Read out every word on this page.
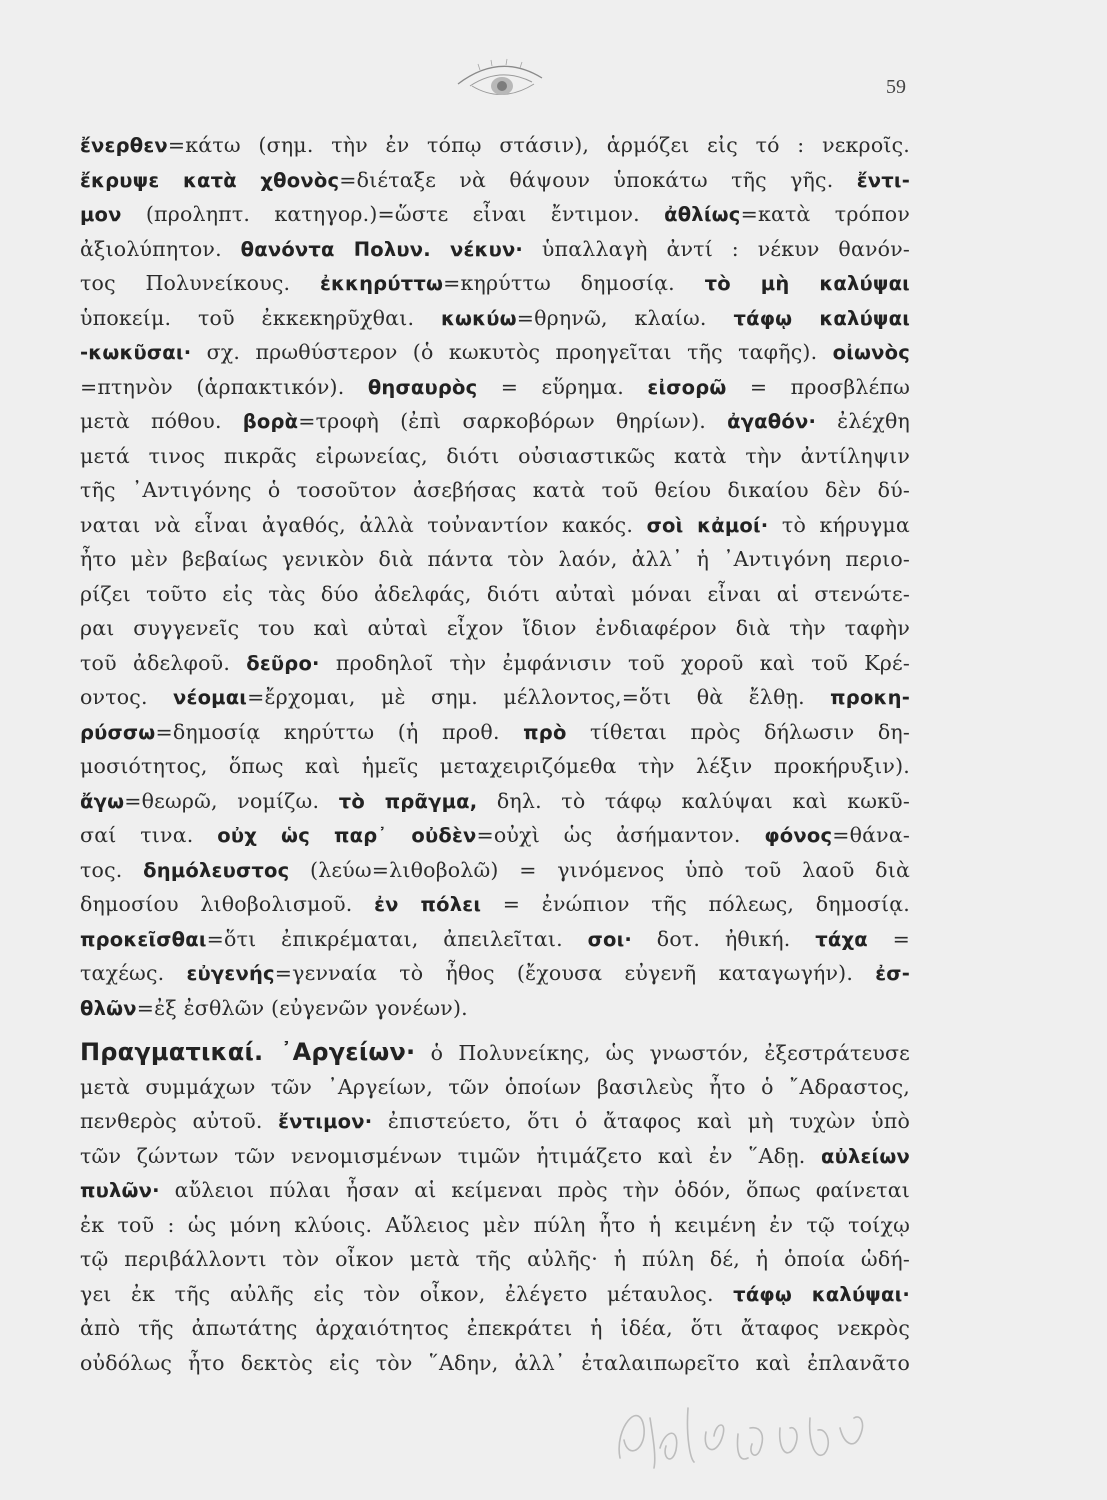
59
ἔνερθεν=κάτω (σημ. τὴν ἐν τόπῳ στάσιν), ἁρμόζει εἰς τό : νεκροῖς.
ἔκρυψε κατὰ χθονὸς=διέταξε νὰ θάψουν ὑποκάτω τῆς γῆς. ἔντι-
μον (προληπτ. κατηγορ.)=ὥστε εἶναι ἔντιμον. ἀθλίως=κατὰ τρόπον
ἀξιολύπητον. θανόντα Πολυν. νέκυν· ὑπαλλαγὴ ἀντί : νέκυν θανόν-
τος Πολυνείκους. ἐκκηρύττω=κηρύττω δημοσίᾳ. τὸ μὴ καλύψαι
ὑποκείμ. τοῦ ἐκκεκηρῦχθαι. κωκύω=θρηνῶ, κλαίω. τάφῳ καλύψαι
-κωκῦσαι· σχ. πρωθύστερον (ὁ κωκυτὸς προηγεῖται τῆς ταφῆς). οἰωνὸς
=πτηνὸν (ἁρπακτικόν). θησαυρὸς = εὕρημα. εἰσορῶ = προσβλέπω
μετὰ πόθου. βορὰ=τροφὴ (ἐπὶ σαρκοβόρων θηρίων). ἀγαθόν· ἐλέχθη
μετά τινος πικρᾶς εἰρωνείας, διότι οὐσιαστικῶς κατὰ τὴν ἀντίληψιν
τῆς ᾿Αντιγόνης ὁ τοσοῦτον ἀσεβήσας κατὰ τοῦ θείου δικαίου δὲν δύ-
ναται νὰ εἶναι ἀγαθός, ἀλλὰ τοὐναντίον κακός. σοὶ κἀμοί· τὸ κήρυγμα
ἦτο μὲν βεβαίως γενικὸν διὰ πάντα τὸν λαόν, ἀλλ᾿ ἡ ᾿Αντιγόνη περιο-
ρίζει τοῦτο εἰς τὰς δύο ἀδελφάς, διότι αὐταὶ μόναι εἶναι αἱ στενώτε-
ραι συγγενεῖς του καὶ αὐταὶ εἶχον ἴδιον ἐνδιαφέρον διὰ τὴν ταφὴν
τοῦ ἀδελφοῦ. δεῦρο· προδηλοῖ τὴν ἐμφάνισιν τοῦ χοροῦ καὶ τοῦ Κρέ-
οντος. νέομαι=ἔρχομαι, μὲ σημ. μέλλοντος,=ὅτι θὰ ἔλθῃ. προκη-
ρύσσω=δημοσίᾳ κηρύττω (ἡ προθ. πρὸ τίθεται πρὸς δήλωσιν δη-
μοσιότητος, ὅπως καὶ ἡμεῖς μεταχειριζόμεθα τὴν λέξιν προκήρυξιν).
ἄγω=θεωρῶ, νομίζω. τὸ πρᾶγμα, δηλ. τὸ τάφῳ καλύψαι καὶ κωκῦ-
σαί τινα. οὐχ ὡς παρ᾿ οὐδὲν=οὐχὶ ὡς ἀσήμαντον. φόνος=θάνα-
τος. δημόλευστος (λεύω=λιθοβολῶ) = γινόμενος ὑπὸ τοῦ λαοῦ διὰ
δημοσίου λιθοβολισμοῦ. ἐν πόλει = ἐνώπιον τῆς πόλεως, δημοσίᾳ.
προκεῖσθαι=ὅτι ἐπικρέμαται, ἀπειλεῖται. σοι· δοτ. ἠθική. τάχα =
ταχέως. εὐγενής=γενναία τὸ ἦθος (ἔχουσα εὐγενῆ καταγωγήν). ἐσ-
θλῶν=ἐξ ἐσθλῶν (εὐγενῶν γονέων).
Πραγματικαί. ᾿Αργείων· ὁ Πολυνείκης, ὡς γνωστόν, ἐξεστράτευσε
μετὰ συμμάχων τῶν ᾿Αργείων, τῶν ὁποίων βασιλεὺς ἦτο ὁ ῎Αδραστος,
πενθερὸς αὐτοῦ. ἔντιμον· ἐπιστεύετο, ὅτι ὁ ἄταφος καὶ μὴ τυχὼν ὑπὸ
τῶν ζώντων τῶν νενομισμένων τιμῶν ἠτιμάζετο καὶ ἐν ῞Αδῃ. αὐλείων
πυλῶν· αὔλειοι πύλαι ἦσαν αἱ κείμεναι πρὸς τὴν ὁδόν, ὅπως φαίνεται
ἐκ τοῦ : ὡς μόνη κλύοις. Αὔλειος μὲν πύλη ἦτο ἡ κειμένη ἐν τῷ τοίχῳ
τῷ περιβάλλοντι τὸν οἶκον μετὰ τῆς αὐλῆς· ἡ πύλη δέ, ἡ ὁποία ὡδή-
γει ἐκ τῆς αὐλῆς εἰς τὸν οἶκον, ἐλέγετο μέταυλος. τάφῳ καλύψαι·
ἀπὸ τῆς ἀπωτάτης ἀρχαιότητος ἐπεκράτει ἡ ἰδέα, ὅτι ἄταφος νεκρὸς
οὐδόλως ἦτο δεκτὸς εἰς τὸν ῞Αδην, ἀλλ᾿ ἐταλαιπωρεῖτο καὶ ἐπλανᾶτο
